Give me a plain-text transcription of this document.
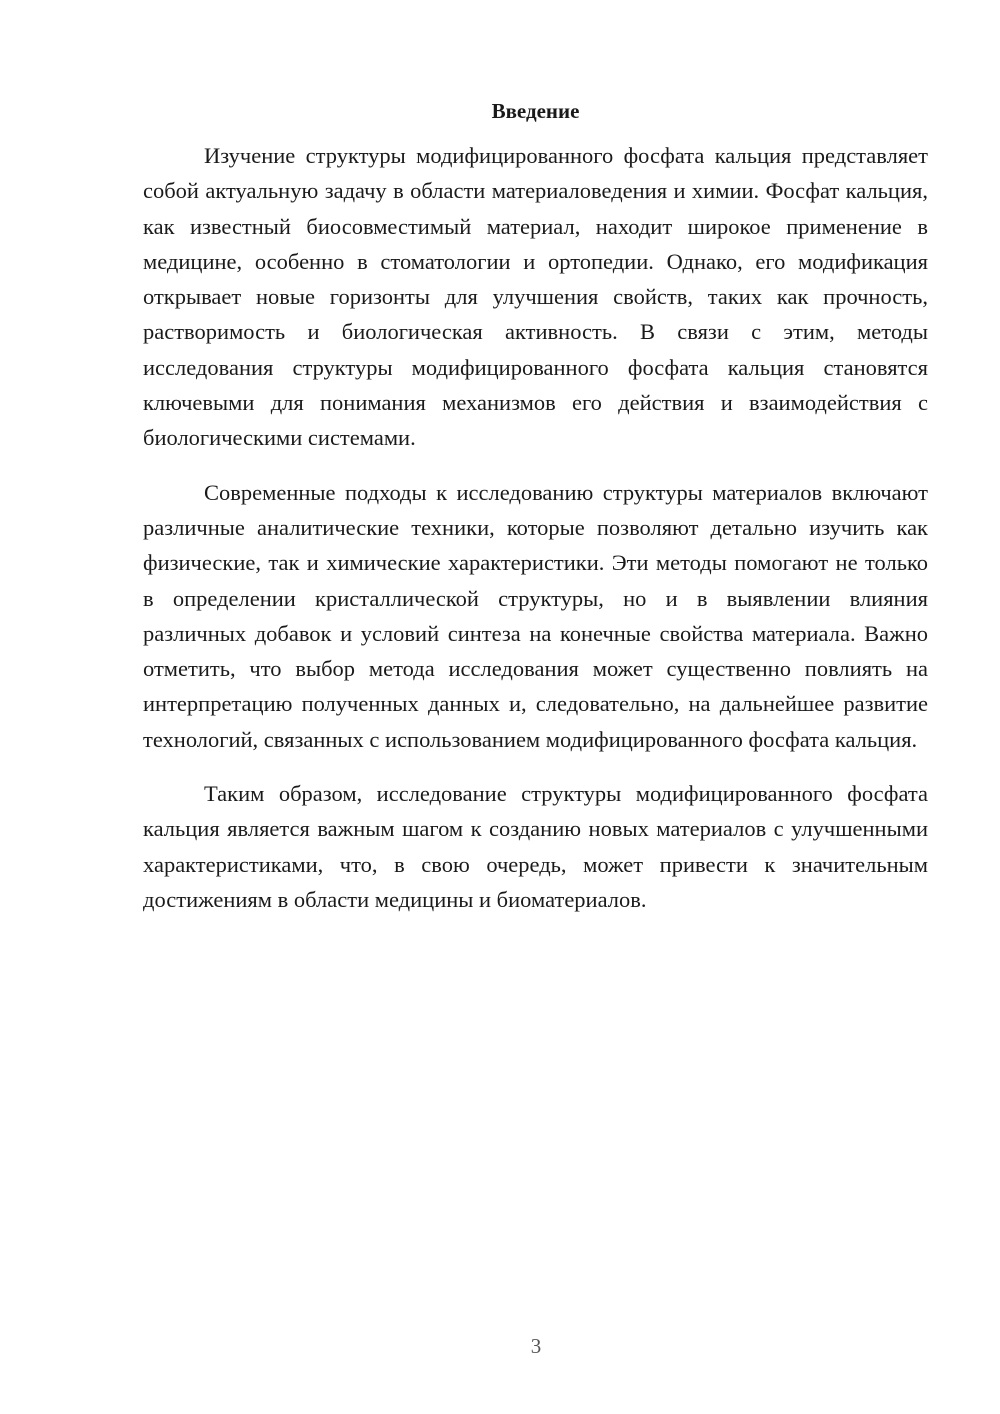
Введение

Изучение структуры модифицированного фосфата кальция представляет собой актуальную задачу в области материаловедения и химии. Фосфат кальция, как известный биосовместимый материал, находит широкое применение в медицине, особенно в стоматологии и ортопедии. Однако, его модификация открывает новые горизонты для улучшения свойств, таких как прочность, растворимость и биологическая активность. В связи с этим, методы исследования структуры модифицированного фосфата кальция становятся ключевыми для понимания механизмов его действия и взаимодействия с биологическими системами.

Современные подходы к исследованию структуры материалов включают различные аналитические техники, которые позволяют детально изучить как физические, так и химические характеристики. Эти методы помогают не только в определении кристаллической структуры, но и в выявлении влияния различных добавок и условий синтеза на конечные свойства материала. Важно отметить, что выбор метода исследования может существенно повлиять на интерпретацию полученных данных и, следовательно, на дальнейшее развитие технологий, связанных с использованием модифицированного фосфата кальция.

Таким образом, исследование структуры модифицированного фосфата кальция является важным шагом к созданию новых материалов с улучшенными характеристиками, что, в свою очередь, может привести к значительным достижениям в области медицины и биоматериалов.

3
